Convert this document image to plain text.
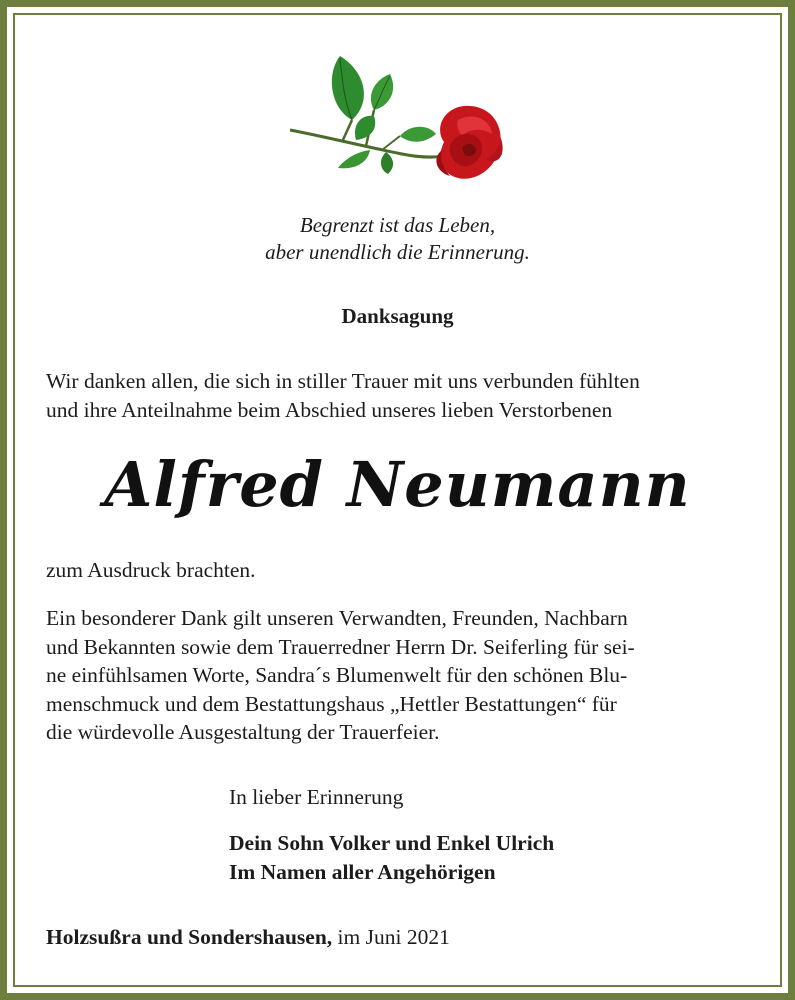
Begrenzt ist das Leben,
aber unendlich die Erinnerung.
Danksagung
Wir danken allen, die sich in stiller Trauer mit uns verbunden fühlten
und ihre Anteilnahme beim Abschied unseres lieben Verstorbenen
Alfred Neumann
zum Ausdruck brachten.
Ein besonderer Dank gilt unseren Verwandten, Freunden, Nachbarn
und Bekannten sowie dem Trauerredner Herrn Dr. Seiferling für sei-
ne einfühlsamen Worte, Sandra´s Blumenwelt für den schönen Blu-
menschmuck und dem Bestattungshaus „Hettler Bestattungen“ für
die würdevolle Ausgestaltung der Trauerfeier.
In lieber Erinnerung
Dein Sohn Volker und Enkel Ulrich
Im Namen aller Angehörigen
Holzsußra und Sondershausen, im Juni 2021
